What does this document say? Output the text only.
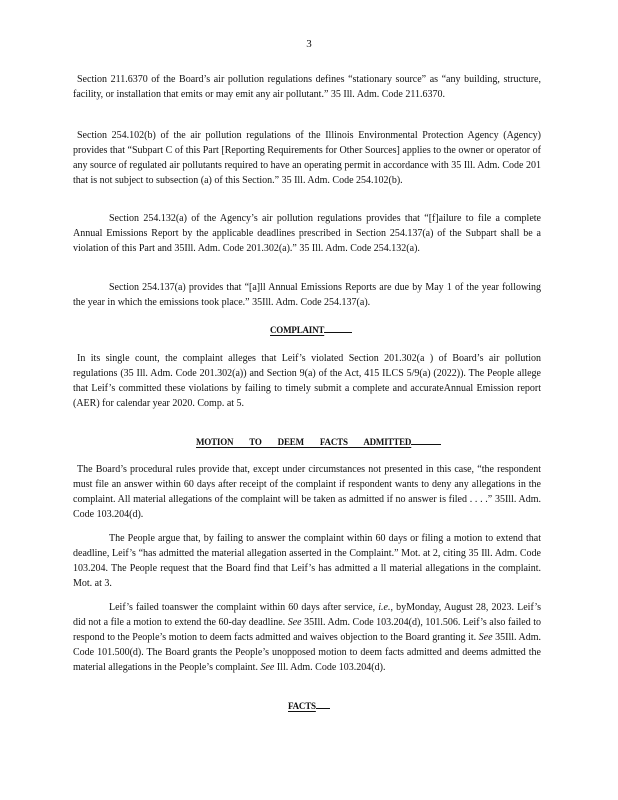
3

Section 211.6370 of the Board’s air pollution regulations defines “stationary source” as “any building, structure, facility, or installation that emits or may emit any air pollutant.” 35 Ill. Adm. Code 211.6370.

Section 254.102(b) of the air pollution regulations of the Illinois Environmental Protection Agency (Agency) provides that “Subpart C of this Part [Reporting Requirements for Other Sources] applies to the owner or operator of any source of regulated air pollutants required to have an operating permit in accordance with 35 Ill. Adm. Code 201 that is not subject to subsection (a) of this Section.” 35 Ill. Adm. Code 254.102(b).

Section 254.132(a) of the Agency’s air pollution regulations provides that “[f]ailure to file a complete Annual Emissions Report by the applicable deadlines prescribed in Section 254.137(a) of the Subpart shall be a violation of this Part and 35Ill. Adm. Code 201.302(a).” 35 Ill. Adm. Code 254.132(a).

Section 254.137(a) provides that “[a]ll Annual Emissions Reports are due by May 1 of the year following the year in which the emissions took place.” 35Ill. Adm. Code 254.137(a).

COMPLAINT

In its single count, the complaint alleges that Leif’s violated Section 201.302(a ) of Board’s air pollution regulations (35 Ill. Adm. Code 201.302(a)) and Section 9(a) of the Act, 415 ILCS 5/9(a) (2022)). The People allege that Leif’s committed these violations by failing to timely submit a complete and accurateAnnual Emission report (AER) for calendar year 2020. Comp. at 5.

MOTION TO DEEM FACTS ADMITTED

The Board’s procedural rules provide that, except under circumstances not presented in this case, “the respondent must file an answer within 60 days after receipt of the complaint if respondent wants to deny any allegations in the complaint. All material allegations of the complaint will be taken as admitted if no answer is filed . . . .” 35Ill. Adm. Code 103.204(d).

The People argue that, by failing to answer the complaint within 60 days or filing a motion to extend that deadline, Leif’s “has admitted the material allegation asserted in the Complaint.” Mot. at 2, citing 35 Ill. Adm. Code 103.204. The People request that the Board find that Leif’s has admitted a ll material allegations in the complaint. Mot. at 3.

Leif’s failed toanswer the complaint within 60 days after service, i.e., byMonday, August 28, 2023. Leif’s did not a file a motion to extend the 60-day deadline. See 35Ill. Adm. Code 103.204(d), 101.506. Leif’s also failed to respond to the People’s motion to deem facts admitted and waives objection to the Board granting it. See 35Ill. Adm. Code 101.500(d). The Board grants the People’s unopposed motion to deem facts admitted and deems admitted the material allegations in the People’s complaint. See Ill. Adm. Code 103.204(d).

FACTS
